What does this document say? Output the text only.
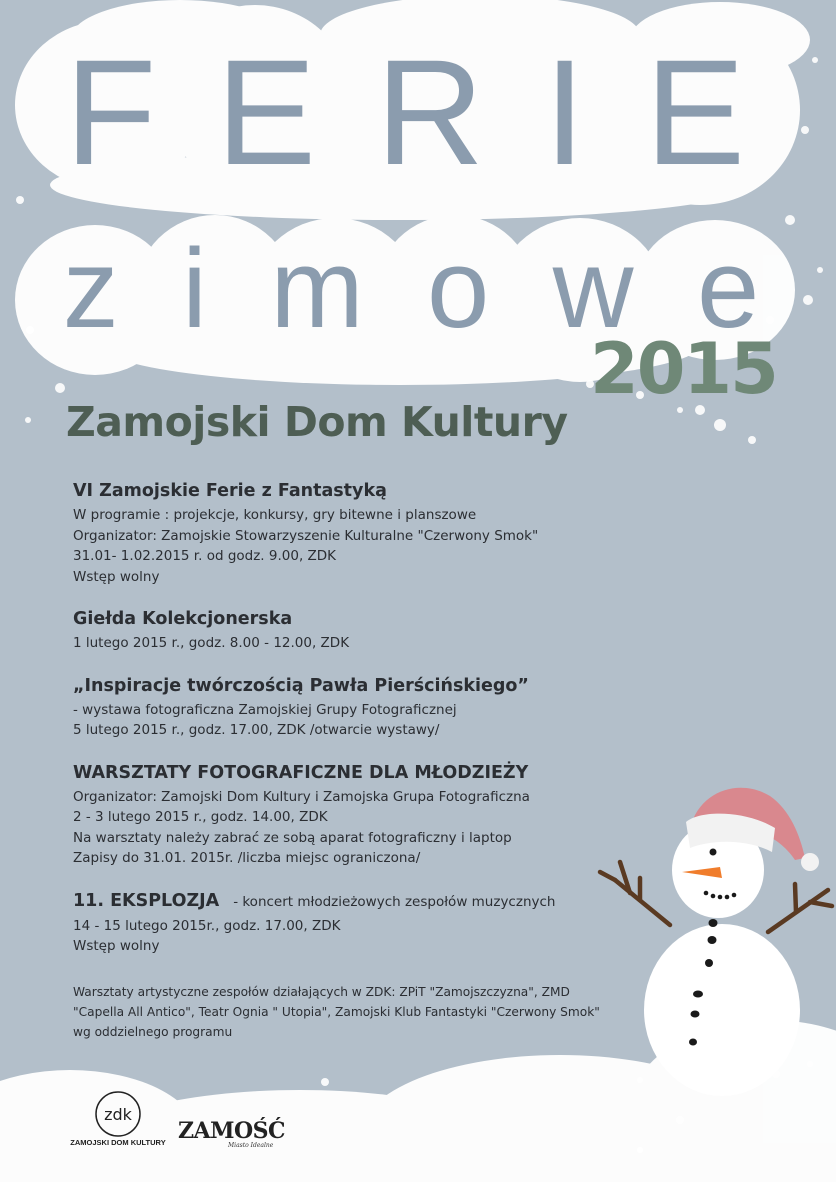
F E R I E
z i m o w e
2015
Zamojski Dom Kultury
VI Zamojskie Ferie z Fantastyką
W programie : projekcje, konkursy, gry bitewne i planszowe
Organizator: Zamojskie Stowarzyszenie Kulturalne "Czerwony Smok"
31.01- 1.02.2015 r. od godz. 9.00, ZDK
Wstęp wolny
Giełda Kolekcjonerska
1 lutego 2015 r., godz. 8.00 - 12.00, ZDK
„Inspiracje twórczością Pawła Pierścińskiego”
- wystawa fotograficzna Zamojskiej Grupy Fotograficznej
5 lutego 2015 r., godz. 17.00, ZDK /otwarcie wystawy/
WARSZTATY FOTOGRAFICZNE DLA MŁODZIEŻY
Organizator: Zamojski Dom Kultury i Zamojska Grupa Fotograficzna
2 - 3 lutego 2015 r., godz. 14.00, ZDK
Na warsztaty należy zabrać ze sobą aparat fotograficzny i laptop
Zapisy do 31.01. 2015r. /liczba miejsc ograniczona/
11. EKSPLOZJA - koncert młodzieżowych zespołów muzycznych
14 - 15 lutego 2015r., godz. 17.00, ZDK
Wstęp wolny
Warsztaty artystyczne zespołów działających w ZDK: ZPiT "Zamojszczyzna", ZMD
"Capella All Antico", Teatr Ognia " Utopia", Zamojski Klub Fantastyki "Czerwony Smok"
wg oddzielnego programu
zdk
ZAMOJSKI DOM KULTURY ZAMOŚĆ
Miasto Idealne
